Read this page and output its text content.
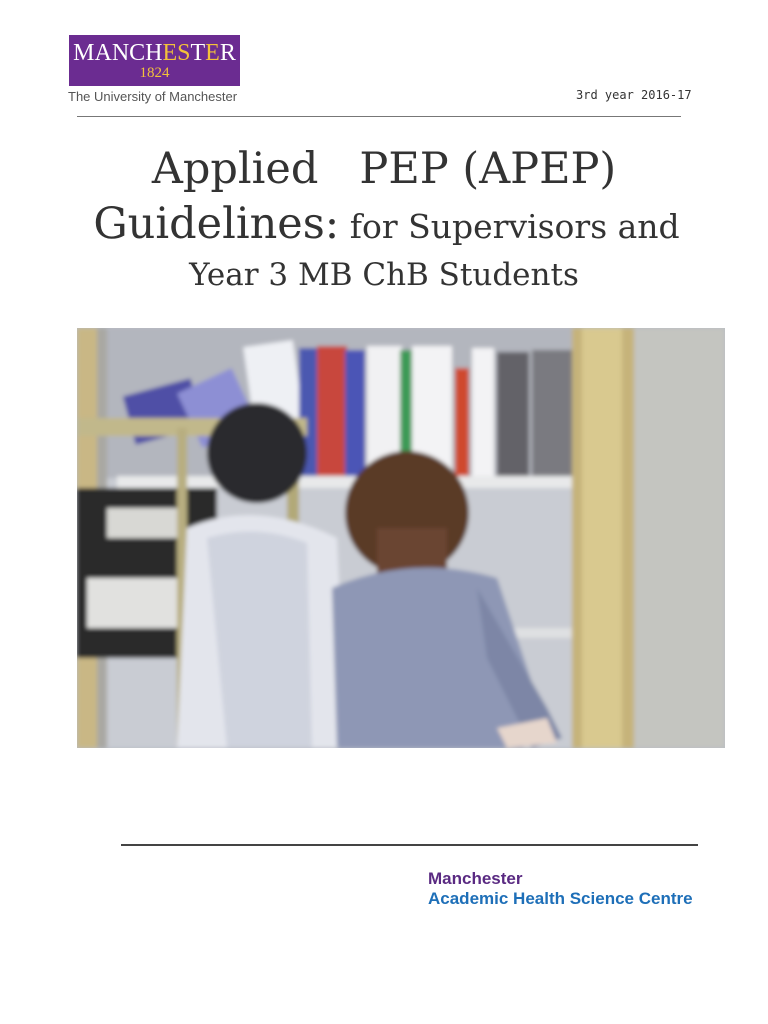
MANCHESTER
1824
The University of Manchester	3rd year 2016-17
Applied   PEP (APEP)
Guidelines: for Supervisors and
Year 3 MB ChB Students
Manchester
Academic Health Science Centre
